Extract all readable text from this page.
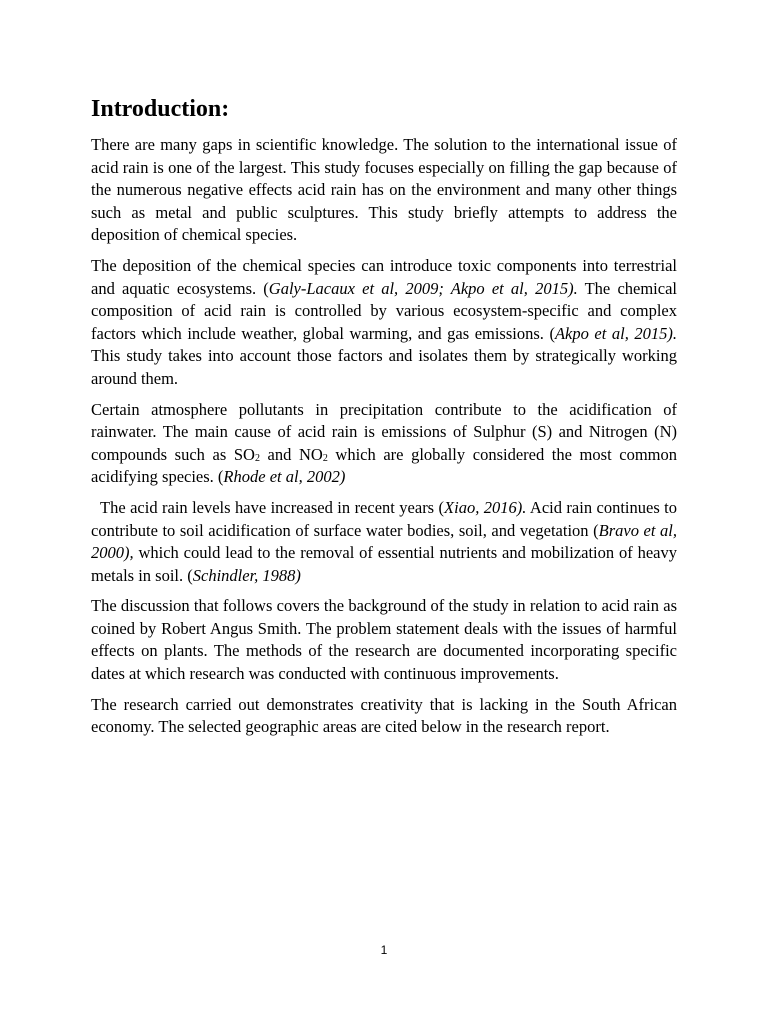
Introduction:

There are many gaps in scientific knowledge. The solution to the international issue of acid rain is one of the largest. This study focuses especially on filling the gap because of the numerous negative effects acid rain has on the environment and many other things such as metal and public sculptures. This study briefly attempts to address the deposition of chemical species.

The deposition of the chemical species can introduce toxic components into terrestrial and aquatic ecosystems. (Galy-Lacaux et al, 2009; Akpo et al, 2015). The chemical composition of acid rain is controlled by various ecosystem-specific and complex factors which include weather, global warming, and gas emissions. (Akpo et al, 2015). This study takes into account those factors and isolates them by strategically working around them.

Certain atmosphere pollutants in precipitation contribute to the acidification of rainwater. The main cause of acid rain is emissions of Sulphur (S) and Nitrogen (N) compounds such as $SO_2$ and $NO_2$ which are globally considered the most common acidifying species. (Rhode et al, 2002)

The acid rain levels have increased in recent years (Xiao, 2016). Acid rain continues to contribute to soil acidification of surface water bodies, soil, and vegetation (Bravo et al, 2000), which could lead to the removal of essential nutrients and mobilization of heavy metals in soil. (Schindler, 1988)

The discussion that follows covers the background of the study in relation to acid rain as coined by Robert Angus Smith. The problem statement deals with the issues of harmful effects on plants. The methods of the research are documented incorporating specific dates at which research was conducted with continuous improvements.

The research carried out demonstrates creativity that is lacking in the South African economy. The selected geographic areas are cited below in the research report.

1
